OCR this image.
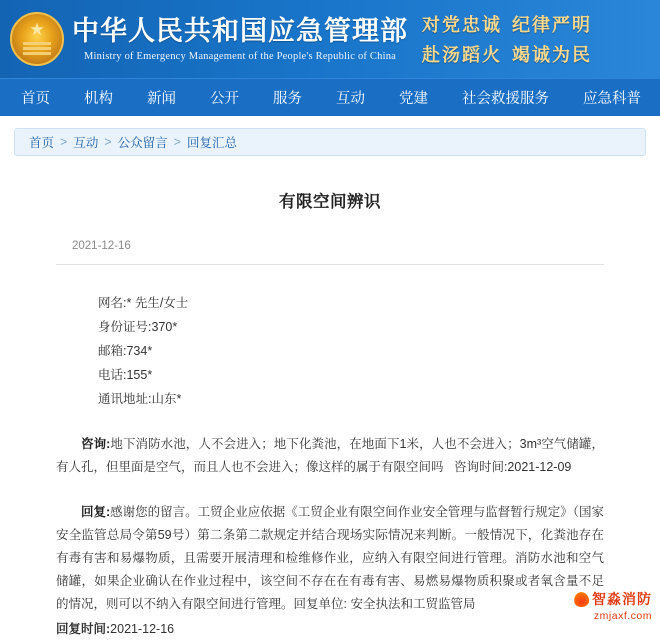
★
中华人民共和国应急管理部
Ministry of Emergency Management of the People's Republic of China
对党忠诚
赴汤蹈火
纪律严明
竭诚为民
首页	机构	新闻	公开	服务	互动	党建	社会救援服务	应急科普
首页 > 互动 > 公众留言 > 回复汇总
有限空间辨识
2021-12-16
网名:* 先生/女士
身份证号:370*
邮箱:734*
电话:155*
通讯地址:山东*
咨询:地下消防水池，人不会进入；地下化粪池，在地面下1米，人也不会进入；3m³空气储罐，有人孔，但里面是空气，而且人也不会进入；像这样的属于有限空间吗 咨询时间:2021-12-09
回复:感谢您的留言。工贸企业应依据《工贸企业有限空间作业安全管理与监督暂行规定》（国家安全监管总局令第59号）第二条第二款规定并结合现场实际情况来判断。一般情况下，化粪池存在有毒有害和易爆物质，且需要开展清理和检维修作业，应纳入有限空间进行管理。消防水池和空气储罐，如果企业确认在作业过程中，该空间不存在在有毒有害、易燃易爆物质积聚或者氧含量不足的情况，则可以不纳入有限空间进行管理。回复单位: 安全执法和工贸监管局
回复时间:2021-12-16
智淼消防
zmjaxf.com
